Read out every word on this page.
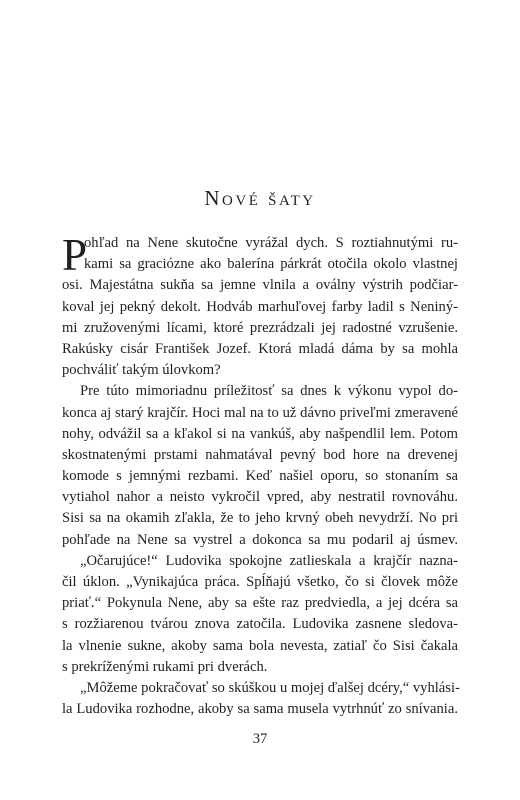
Nové šaty
P
ohľad na Nene skutočne vyrážal dych. S roztiahnutými ru-
kami sa graciózne ako balerína párkrát otočila okolo vlastnej
osi. Majestátna sukňa sa jemne vlnila a oválny výstrih podčiar-
koval jej pekný dekolt. Hodváb marhuľovej farby ladil s Neniný-
mi zružovenými lícami, ktoré prezrádzali jej radostné vzrušenie.
Rakúsky cisár František Jozef. Ktorá mladá dáma by sa mohla
pochváliť takým úlovkom?
Pre túto mimoriadnu príležitosť sa dnes k výkonu vypol do-
konca aj starý krajčír. Hoci mal na to už dávno priveľmi zmeravené
nohy, odvážil sa a kľakol si na vankúš, aby našpendlil lem. Potom
skostnatenými prstami nahmatával pevný bod hore na drevenej
komode s jemnými rezbami. Keď našiel oporu, so stonaním sa
vytiahol nahor a neisto vykročil vpred, aby nestratil rovnováhu.
Sisi sa na okamih zľakla, že to jeho krvný obeh nevydrží. No pri
pohľade na Nene sa vystrel a dokonca sa mu podaril aj úsmev.
„Očarujúce!“ Ludovika spokojne zatlieskala a krajčír nazna-
čil úklon. „Vynikajúca práca. Spĺňajú všetko, čo si človek môže
priať.“ Pokynula Nene, aby sa ešte raz predviedla, a jej dcéra sa
s rozžiarenou tvárou znova zatočila. Ludovika zasnene sledova-
la vlnenie sukne, akoby sama bola nevesta, zatiaľ čo Sisi čakala
s prekríženými rukami pri dverách.
„Môžeme pokračovať so skúškou u mojej ďalšej dcéry,“ vyhlási-
la Ludovika rozhodne, akoby sa sama musela vytrhnúť zo snívania.
37
